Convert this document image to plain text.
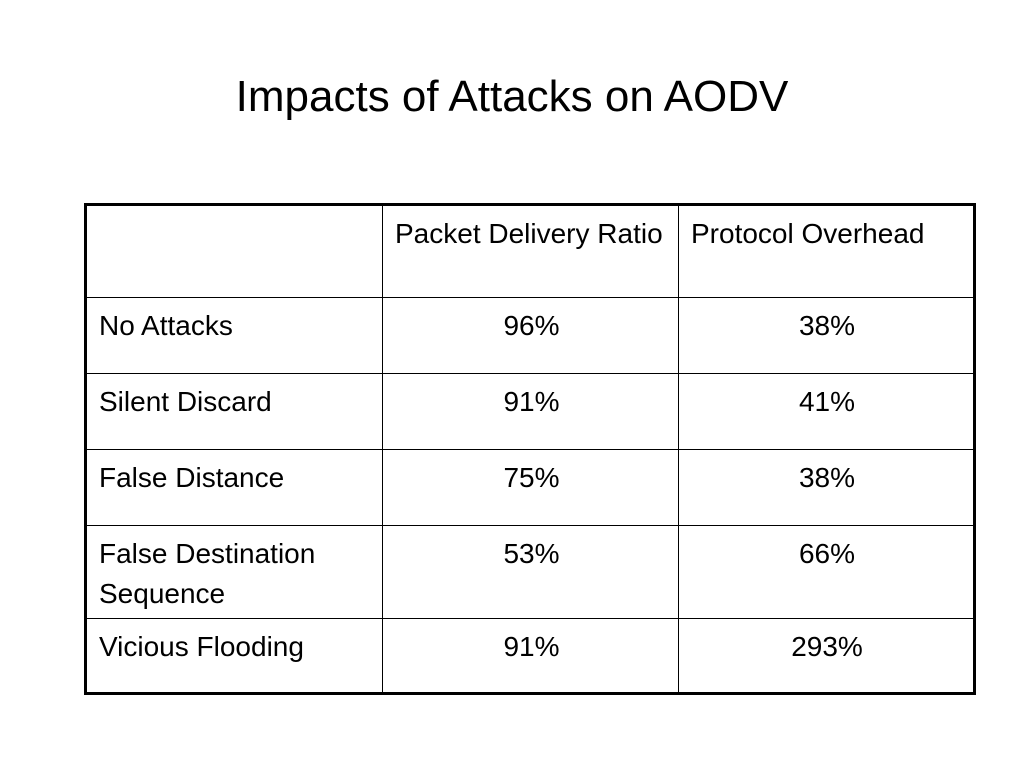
Impacts of Attacks on AODV
	Packet Delivery Ratio	Protocol Overhead
No Attacks	96%	38%
Silent Discard	91%	41%
False Distance	75%	38%
False Destination Sequence	53%	66%
Vicious Flooding	91%	293%
